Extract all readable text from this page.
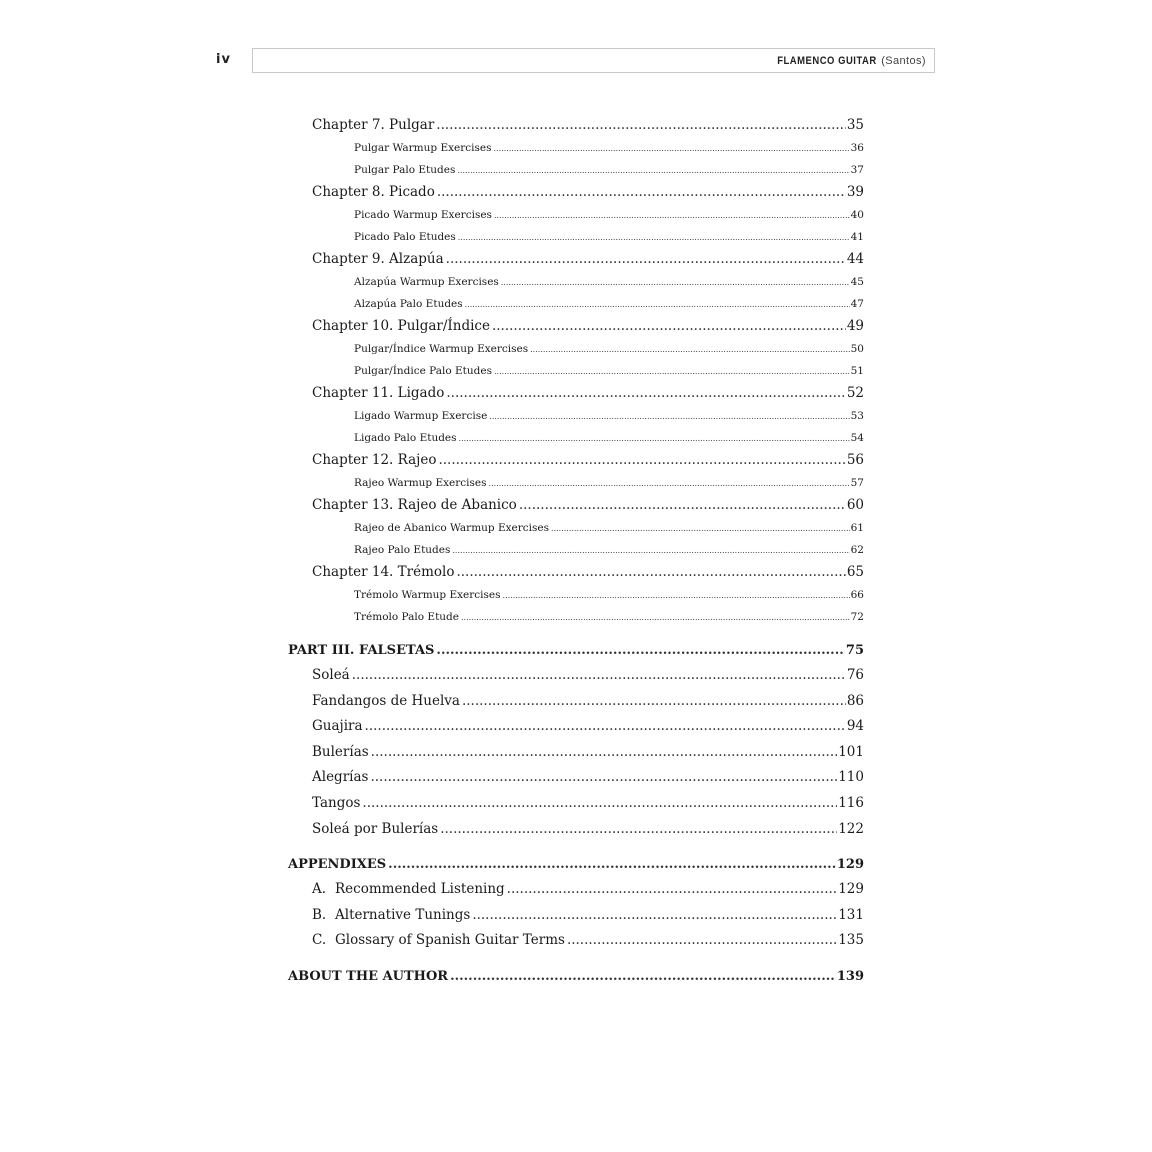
iv	FLAMENCO GUITAR (Santos)
Chapter 7. Pulgar .....	35
Pulgar Warmup Exercises .....	36
Pulgar Palo Etudes .....	37
Chapter 8. Picado .....	39
Picado Warmup Exercises .....	40
Picado Palo Etudes .....	41
Chapter 9. Alzapúa .....	44
Alzapúa Warmup Exercises .....	45
Alzapúa Palo Etudes .....	47
Chapter 10. Pulgar/Índice .....	49
Pulgar/Índice Warmup Exercises .....	50
Pulgar/Índice Palo Etudes .....	51
Chapter 11. Ligado .....	52
Ligado Warmup Exercise .....	53
Ligado Palo Etudes .....	54
Chapter 12. Rajeo .....	56
Rajeo Warmup Exercises .....	57
Chapter 13. Rajeo de Abanico .....	60
Rajeo de Abanico Warmup Exercises .....	61
Rajeo Palo Etudes .....	62
Chapter 14. Trémolo .....	65
Trémolo Warmup Exercises .....	66
Trémolo Palo Etude .....	72
PART III. FALSETAS .....	75
Soleá .....	76
Fandangos de Huelva .....	86
Guajira .....	94
Bulerías .....	101
Alegrías .....	110
Tangos .....	116
Soleá por Bulerías .....	122
APPENDIXES .....	129
A. Recommended Listening .....	129
B. Alternative Tunings .....	131
C. Glossary of Spanish Guitar Terms .....	135
ABOUT THE AUTHOR .....	139
